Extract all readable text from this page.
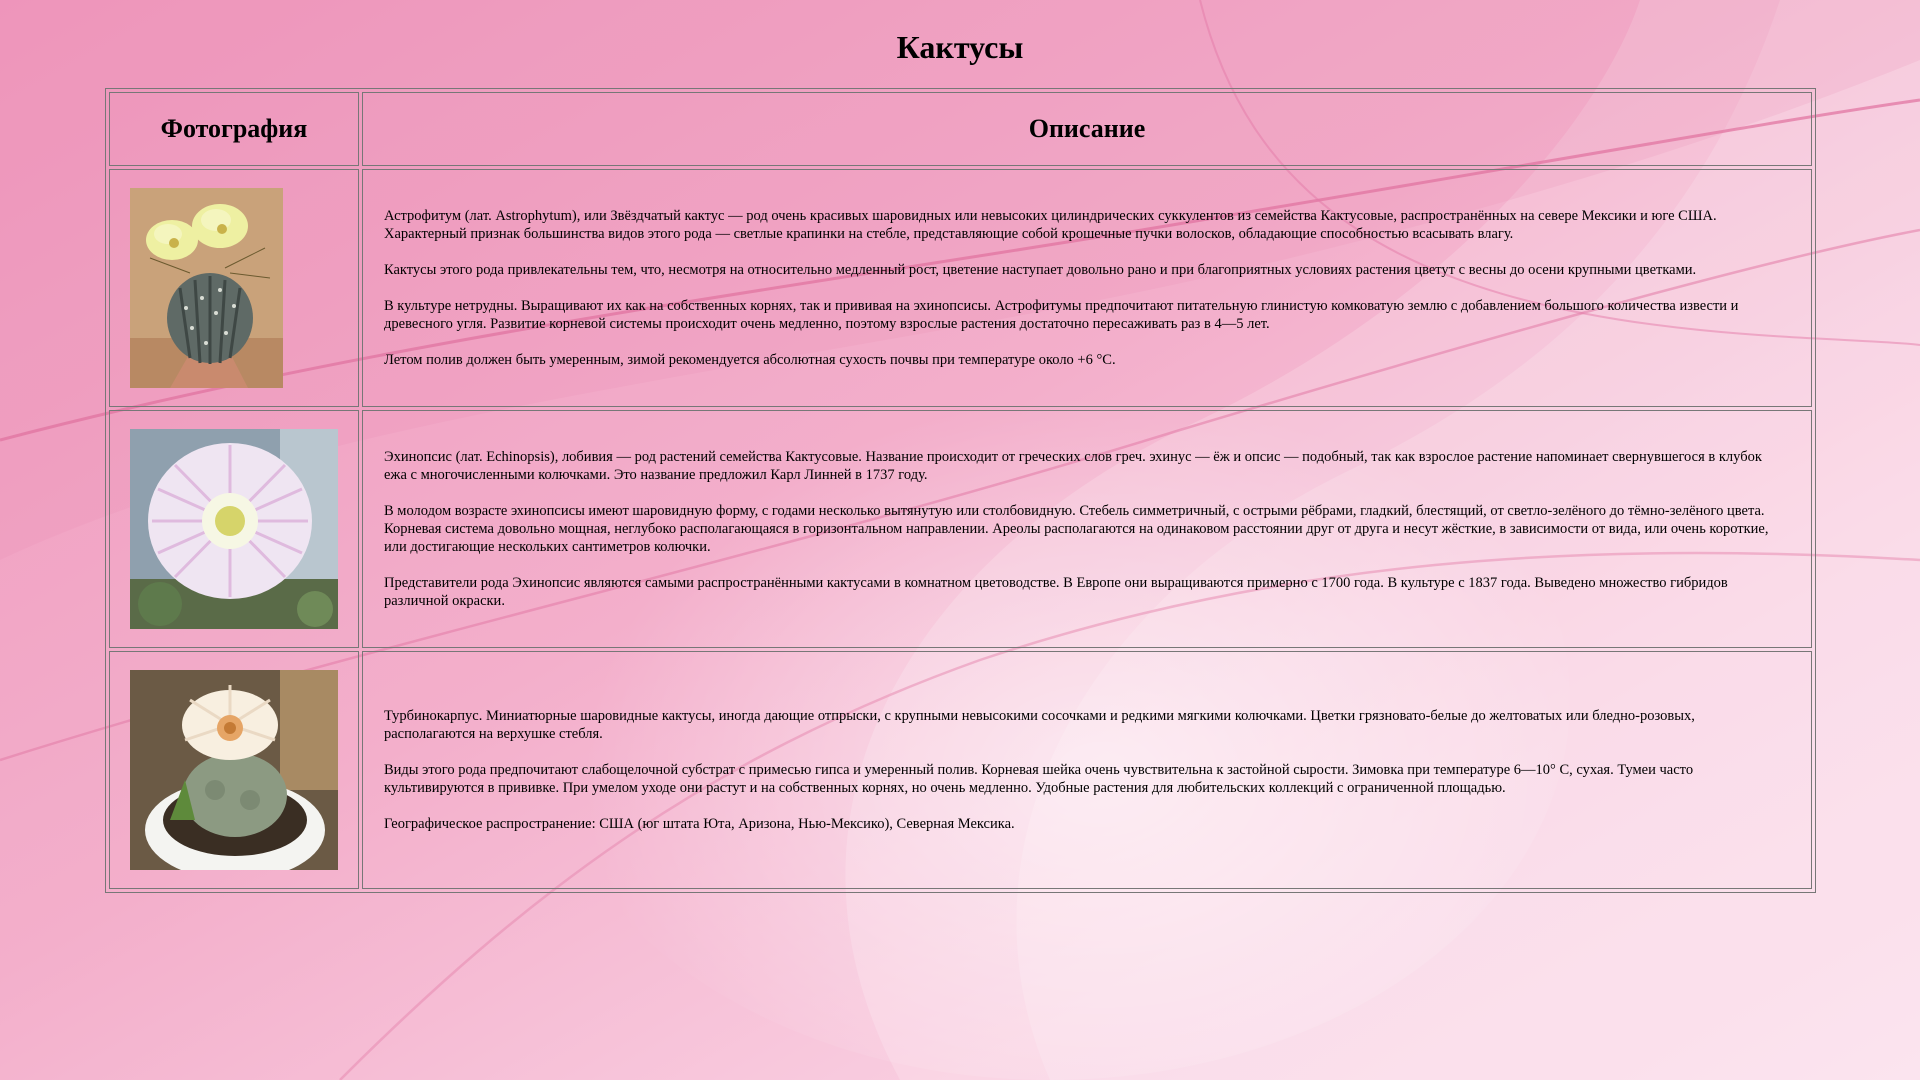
Кактусы
Фотография	Описание

Астрофитум (лат. Astrophytum), или Звёздчатый кактус — род очень красивых шаровидных или невысоких цилиндрических суккулентов из семейства Кактусовые, распространённых на севере Мексики и юге США. Характерный признак большинства видов этого рода — светлые крапинки на стебле, представляющие собой крошечные пучки волосков, обладающие способностью всасывать влагу.

Кактусы этого рода привлекательны тем, что, несмотря на относительно медленный рост, цветение наступает довольно рано и при благоприятных условиях растения цветут с весны до осени крупными цветками.

В культуре нетрудны. Выращивают их как на собственных корнях, так и прививая на эхинопсисы. Астрофитумы предпочитают питательную глинистую комковатую землю с добавлением большого количества извести и древесного угля. Развитие корневой системы происходит очень медленно, поэтому взрослые растения достаточно пересаживать раз в 4—5 лет.

Летом полив должен быть умеренным, зимой рекомендуется абсолютная сухость почвы при температуре около +6 °С.

Эхинопсис (лат. Echinopsis), лобивия — род растений семейства Кактусовые. Название происходит от греческих слов греч. эхинус — ёж и опсис — подобный, так как взрослое растение напоминает свернувшегося в клубок ежа с многочисленными колючками. Это название предложил Карл Линней в 1737 году.

В молодом возрасте эхинопсисы имеют шаровидную форму, с годами несколько вытянутую или столбовидную. Стебель симметричный, с острыми рёбрами, гладкий, блестящий, от светло-зелёного до тёмно-зелёного цвета. Корневая система довольно мощная, неглубоко располагающаяся в горизонтальном направлении. Ареолы располагаются на одинаковом расстоянии друг от друга и несут жёсткие, в зависимости от вида, или очень короткие, или достигающие нескольких сантиметров колючки.

Представители рода Эхинопсис являются самыми распространёнными кактусами в комнатном цветоводстве. В Европе они выращиваются примерно с 1700 года. В культуре с 1837 года. Выведено множество гибридов различной окраски.

Турбинокарпус. Миниатюрные шаровидные кактусы, иногда дающие отпрыски, с крупными невысокими сосочками и редкими мягкими колючками. Цветки грязновато-белые до желтоватых или бледно-розовых, располагаются на верхушке стебля.

Виды этого рода предпочитают слабощелочной субстрат с примесью гипса и умеренный полив. Корневая шейка очень чувствительна к застойной сырости. Зимовка при температуре 6—10° С, сухая. Тумеи часто культивируются в прививке. При умелом уходе они растут и на собственных корнях, но очень медленно. Удобные растения для любительских коллекций с ограниченной площадью.

Географическое распространение: США (юг штата Юта, Аризона, Нью-Мексико), Северная Мексика.
